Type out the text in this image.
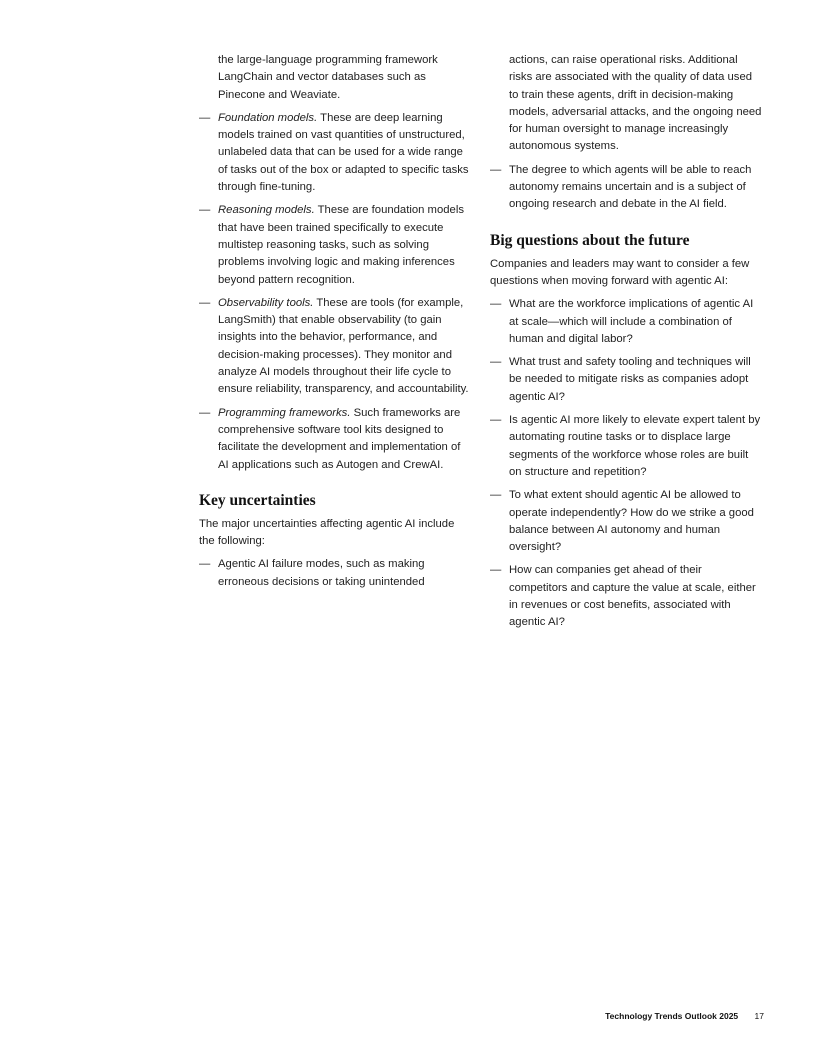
the large-language programming framework LangChain and vector databases such as Pinecone and Weaviate.

— Foundation models. These are deep learning models trained on vast quantities of unstructured, unlabeled data that can be used for a wide range of tasks out of the box or adapted to specific tasks through fine-tuning.

— Reasoning models. These are foundation models that have been trained specifically to execute multistep reasoning tasks, such as solving problems involving logic and making inferences beyond pattern recognition.

— Observability tools. These are tools (for example, LangSmith) that enable observability (to gain insights into the behavior, performance, and decision-making processes). They monitor and analyze AI models throughout their life cycle to ensure reliability, transparency, and accountability.

— Programming frameworks. Such frameworks are comprehensive software tool kits designed to facilitate the development and implementation of AI applications such as Autogen and CrewAI.

Key uncertainties

The major uncertainties affecting agentic AI include the following:

— Agentic AI failure modes, such as making erroneous decisions or taking unintended

actions, can raise operational risks. Additional risks are associated with the quality of data used to train these agents, drift in decision-making models, adversarial attacks, and the ongoing need for human oversight to manage increasingly autonomous systems.

— The degree to which agents will be able to reach autonomy remains uncertain and is a subject of ongoing research and debate in the AI field.

Big questions about the future

Companies and leaders may want to consider a few questions when moving forward with agentic AI:

— What are the workforce implications of agentic AI at scale—which will include a combination of human and digital labor?

— What trust and safety tooling and techniques will be needed to mitigate risks as companies adopt agentic AI?

— Is agentic AI more likely to elevate expert talent by automating routine tasks or to displace large segments of the workforce whose roles are built on structure and repetition?

— To what extent should agentic AI be allowed to operate independently? How do we strike a good balance between AI autonomy and human oversight?

— How can companies get ahead of their competitors and capture the value at scale, either in revenues or cost benefits, associated with agentic AI?

Technology Trends Outlook 2025 17
